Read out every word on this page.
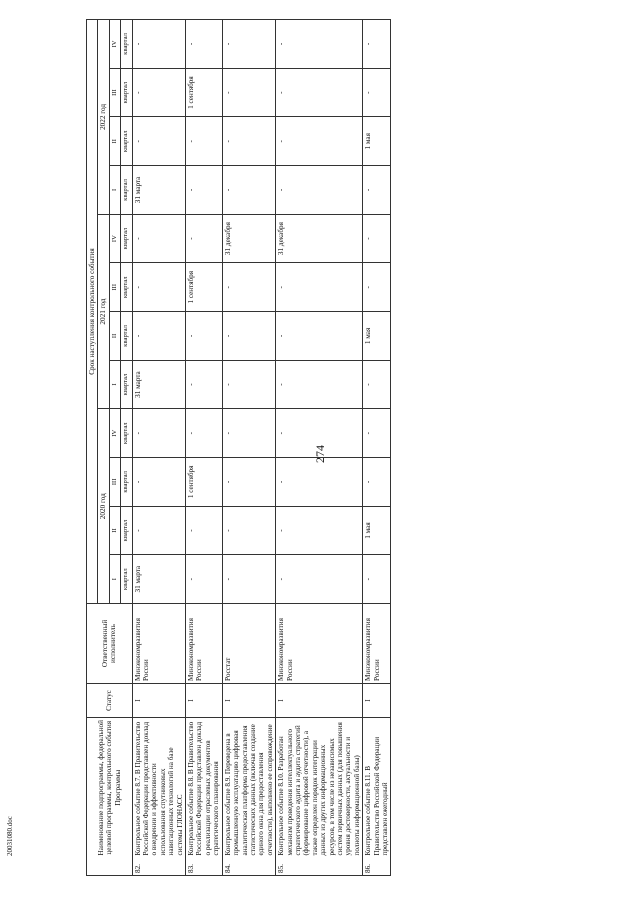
274
	Наименование подпрограммы, федеральной целевой программы, контрольного события Программы	Статус	Ответственный исполнитель	Срок наступления контрольного события											
				2020 год				2021 год				2022 год			
				I	II	III	IV	I	II	III	IV	I	II	III	IV
				квартал	квартал	квартал	квартал	квартал	квартал	квартал	квартал	квартал	квартал	квартал	квартал
82.	Контрольное событие 8.7. В Правительство Российской Федерации представлен доклад о внедрении и эффективности использования спутниковых навигационных технологий на базе системы ГЛОНАСС	I	Минэкономразвития России	31 марта	-	-	-	31 марта	-	-	-	31 марта	-	-	-
83.	Контрольное событие 8.8. В Правительство Российской Федерации представлен доклад о реализации отраслевых документов стратегического планирования	I	Минэкономразвития России	-	-	1 сентября	-	-	-	1 сентября	-	-	-	1 сентября	-
84.	Контрольное событие 8.9. Переведена в промышленную эксплуатацию цифровая аналитическая платформа предоставления статистических данных (включая создание единого окна для предоставления отчетности), выполнено ее сопровождение	I	Росстат	-	-	-	-	-	-	-	31 декабря	-	-	-	-
85.	Контрольное событие 8.10. Разработан механизм проведения интеллектуального стратегического аудита и аудита стратегий (формирование цифровой отчетности), а также определен порядок интеграции данных из других информационных ресурсов, в том числе из независимых систем первичных данных (для повышения уровня достоверности, актуальности и полноты информационной базы)	I	Минэкономразвития России	-	-	-	-	-	-	-	31 декабря	-	-	-	-
86.	Контрольное событие 8.11. В Правительство Российской Федерации представлен ежегодный	I	Минэкономразвития России	-	1 мая	-	-	-	1 мая	-	-	-	1 мая	-	-
20031080.doc
